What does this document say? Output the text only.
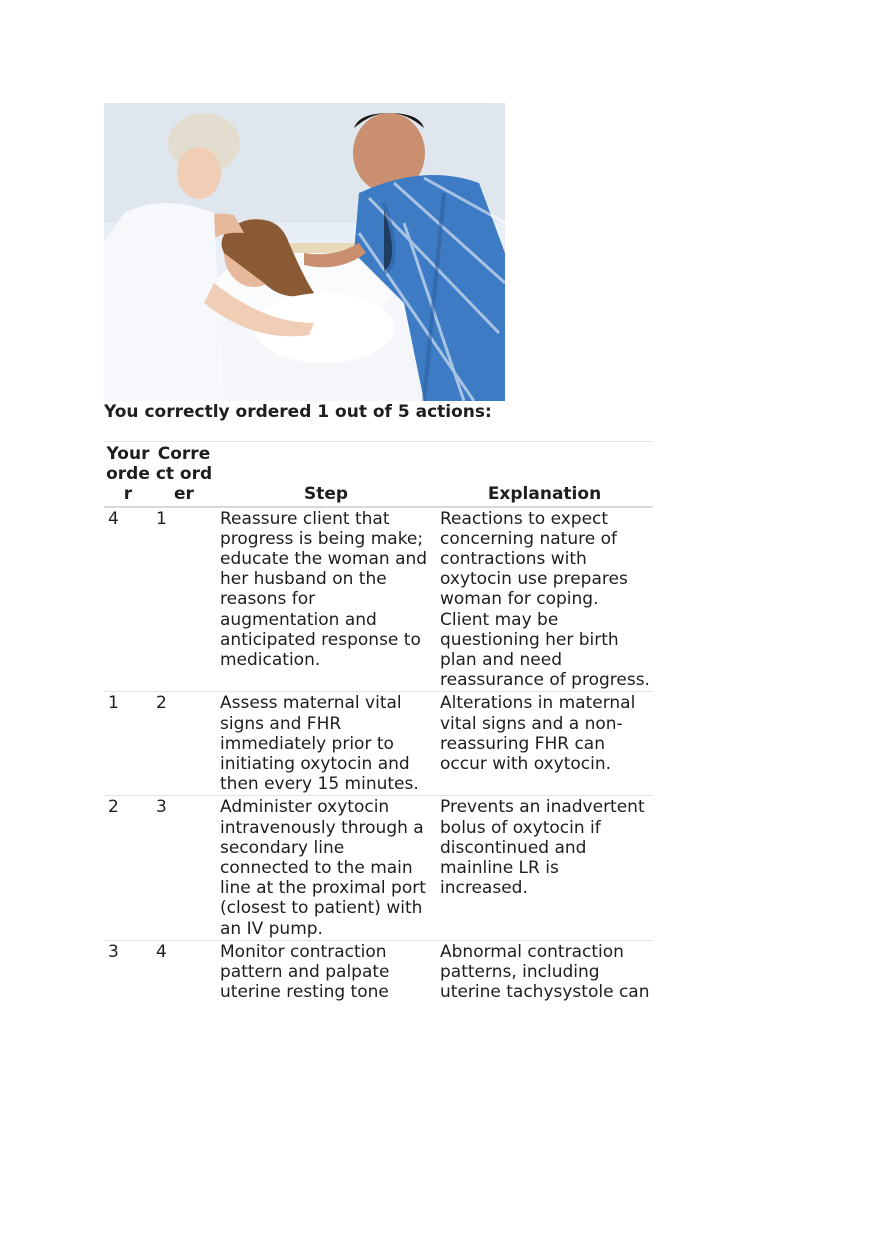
You correctly ordered 1 out of 5 actions:
Your order	Correct order	Step	Explanation
4	1	Reassure client that progress is being make; educate the woman and her husband on the reasons for augmentation and anticipated response to medication.	Reactions to expect concerning nature of contractions with oxytocin use prepares woman for coping. Client may be questioning her birth plan and need reassurance of progress.
1	2	Assess maternal vital signs and FHR immediately prior to initiating oxytocin and then every 15 minutes.	Alterations in maternal vital signs and a non-reassuring FHR can occur with oxytocin.
2	3	Administer oxytocin intravenously through a secondary line connected to the main line at the proximal port (closest to patient) with an IV pump.	Prevents an inadvertent bolus of oxytocin if discontinued and mainline LR is increased.
3	4	Monitor contraction pattern and palpate uterine resting tone	Abnormal contraction patterns, including uterine tachysystole can
